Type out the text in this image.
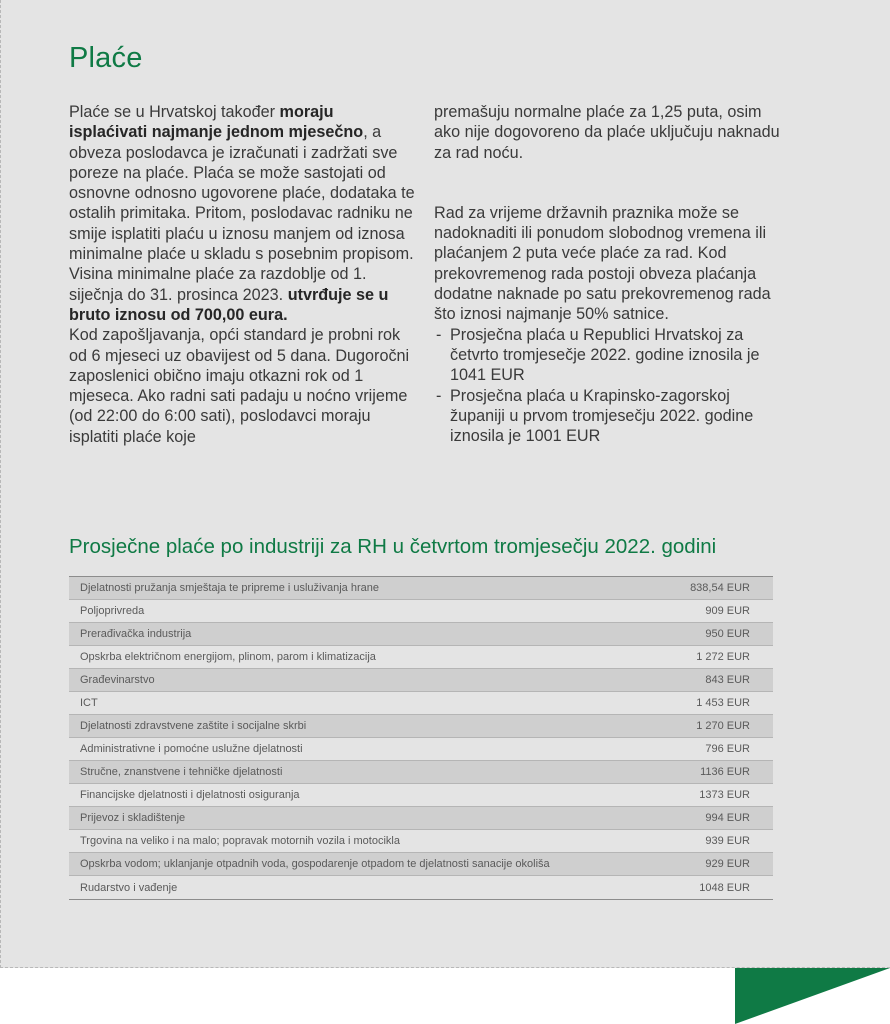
Plaće

Plaće se u Hrvatskoj također moraju isplaćivati najmanje jednom mjesečno, a obveza poslodavca je izračunati i zadržati sve poreze na plaće. Plaća se može sastojati od osnovne odnosno ugovorene plaće, dodataka te ostalih primitaka. Pritom, poslodavac radniku ne smije isplatiti plaću u iznosu manjem od iznosa minimalne plaće u skladu s posebnim propisom.

Visina minimalne plaće za razdoblje od 1. siječnja do 31. prosinca 2023. utvrđuje se u bruto iznosu od 700,00 eura.

Kod zapošljavanja, opći standard je probni rok od 6 mjeseci uz obavijest od 5 dana. Dugoročni zaposlenici obično imaju otkazni rok od 1 mjeseca. Ako radni sati padaju u noćno vrijeme (od 22:00 do 6:00 sati), poslodavci moraju isplatiti plaće koje

premašuju normalne plaće za 1,25 puta, osim ako nije dogovoreno da plaće uključuju naknadu za rad noću.

Rad za vrijeme državnih praznika može se nadoknaditi ili ponudom slobodnog vremena ili plaćanjem 2 puta veće plaće za rad. Kod prekovremenog rada postoji obveza plaćanja dodatne naknade po satu prekovremenog rada što iznosi najmanje 50% satnice.

- Prosječna plaća u Republici Hrvatskoj za četvrto tromjesečje 2022. godine iznosila je 1041 EUR
- Prosječna plaća u Krapinsko-zagorskoj županiji u prvom tromjesečju 2022. godine iznosila je 1001 EUR
Prosječne plaće po industriji za RH u četvrtom tromjesečju 2022. godini
Djelatnosti pružanja smještaja te pripreme i usluživanja hrane	838,54 EUR
Poljoprivreda	909 EUR
Prerađivačka industrija	950 EUR
Opskrba električnom energijom, plinom, parom i klimatizacija	1 272 EUR
Građevinarstvo	843 EUR
ICT	1 453 EUR
Djelatnosti zdravstvene zaštite i socijalne skrbi	1 270 EUR
Administrativne i pomoćne uslužne djelatnosti	796 EUR
Stručne, znanstvene i tehničke djelatnosti	1136 EUR
Financijske djelatnosti i djelatnosti osiguranja	1373 EUR
Prijevoz i skladištenje	994 EUR
Trgovina na veliko i na malo; popravak motornih vozila i motocikla	939 EUR
Opskrba vodom; uklanjanje otpadnih voda, gospodarenje otpadom te djelatnosti sanacije okoliša	929 EUR
Rudarstvo i vađenje	1048 EUR
